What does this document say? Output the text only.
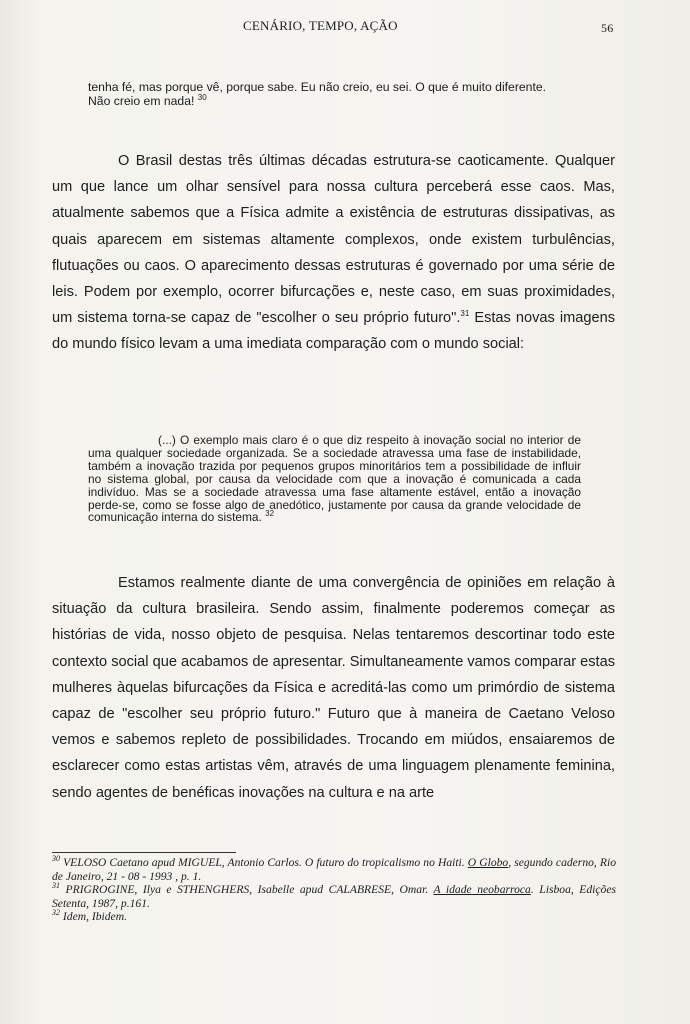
CENÁRIO, TEMPO, AÇÃO	56
tenha fé, mas porque vê, porque sabe. Eu não creio, eu sei. O que é muito diferente.
Não creio em nada! $^{30}$
O Brasil destas três últimas décadas estrutura-se caoticamente. Qualquer um que lance um olhar sensível para nossa cultura perceberá esse caos. Mas, atualmente sabemos que a Física admite a existência de estruturas dissipativas, as quais aparecem em sistemas altamente complexos, onde existem turbulências, flutuações ou caos. O aparecimento dessas estruturas é governado por uma série de leis. Podem por exemplo, ocorrer bifurcações e, neste caso, em suas proximidades, um sistema torna-se capaz de "escolher o seu próprio futuro".$^{31}$ Estas novas imagens do mundo físico levam a uma imediata comparação com o mundo social:
(...) O exemplo mais claro é o que diz respeito à inovação social no interior de uma qualquer sociedade organizada. Se a sociedade atravessa uma fase de instabilidade, também a inovação trazida por pequenos grupos minoritários tem a possibilidade de influir no sistema global, por causa da velocidade com que a inovação é comunicada a cada indivíduo. Mas se a sociedade atravessa uma fase altamente estável, então a inovação perde-se, como se fosse algo de anedótico, justamente por causa da grande velocidade de comunicação interna do sistema. $^{32}$
Estamos realmente diante de uma convergência de opiniões em relação à situação da cultura brasileira. Sendo assim, finalmente poderemos começar as histórias de vida, nosso objeto de pesquisa. Nelas tentaremos descortinar todo este contexto social que acabamos de apresentar. Simultaneamente vamos comparar estas mulheres àquelas bifurcações da Física e acreditá-las como um primórdio de sistema capaz de "escolher seu próprio futuro." Futuro que à maneira de Caetano Veloso vemos e sabemos repleto de possibilidades. Trocando em miúdos, ensaiaremos de esclarecer como estas artistas vêm, através de uma linguagem plenamente feminina, sendo agentes de benéficas inovações na cultura e na arte

$^{30}$ VELOSO Caetano apud MIGUEL, Antonio Carlos. O futuro do tropicalismo no Haiti. O Globo, segundo caderno, Rio de Janeiro, 21 - 08 - 1993 , p. 1.

$^{31}$ PRIGROGINE, Ilya e STHENGHERS, Isabelle apud CALABRESE, Omar. A idade neobarroca. Lisboa, Edições Setenta, 1987, p.161.

$^{32}$ Idem, Ibidem.
